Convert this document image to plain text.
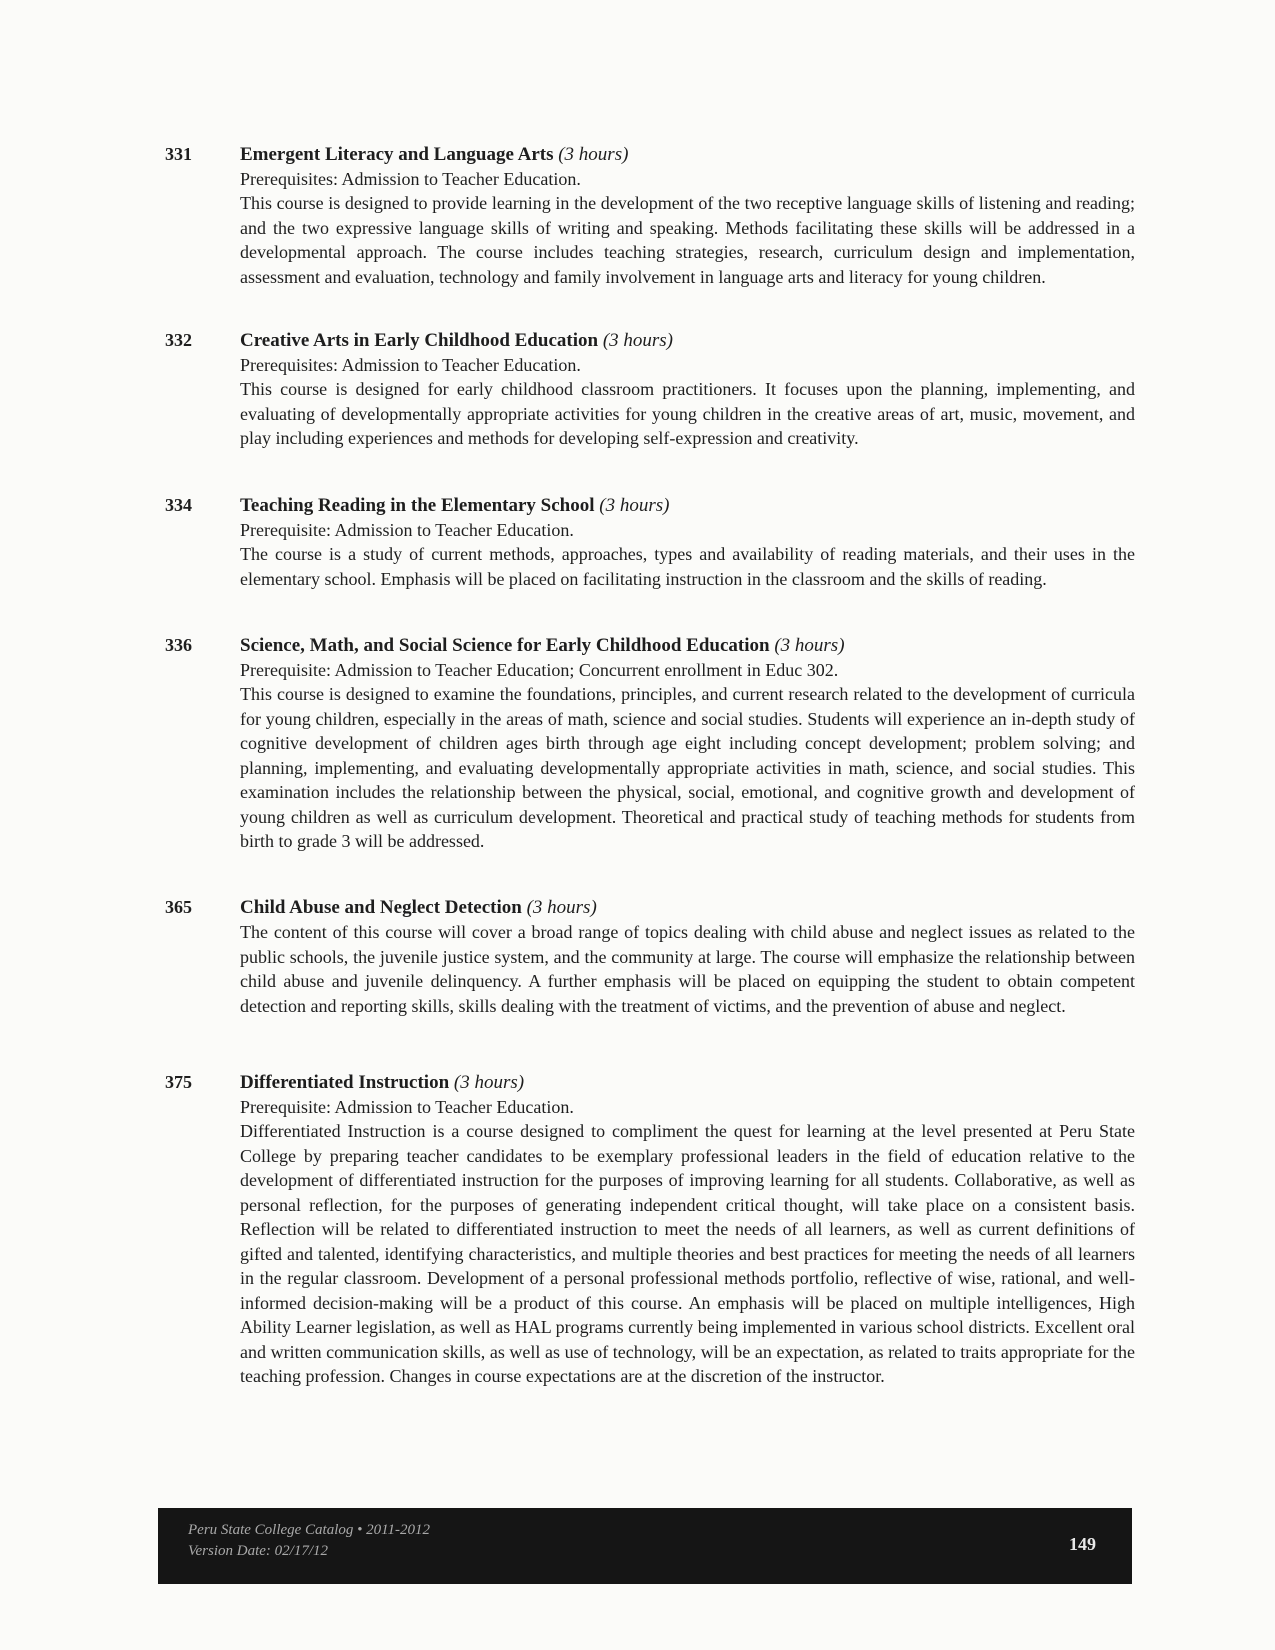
331	Emergent Literacy and Language Arts (3 hours)
Prerequisites: Admission to Teacher Education.
This course is designed to provide learning in the development of the two receptive language skills of listening and reading; and the two expressive language skills of writing and speaking. Methods facilitating these skills will be addressed in a developmental approach. The course includes teaching strategies, research, curriculum design and implementation, assessment and evaluation, technology and family involvement in language arts and literacy for young children.
332	Creative Arts in Early Childhood Education (3 hours)
Prerequisites: Admission to Teacher Education.
This course is designed for early childhood classroom practitioners. It focuses upon the planning, implementing, and evaluating of developmentally appropriate activities for young children in the creative areas of art, music, movement, and play including experiences and methods for developing self-expression and creativity.
334	Teaching Reading in the Elementary School (3 hours)
Prerequisite: Admission to Teacher Education.
The course is a study of current methods, approaches, types and availability of reading materials, and their uses in the elementary school. Emphasis will be placed on facilitating instruction in the classroom and the skills of reading.
336	Science, Math, and Social Science for Early Childhood Education (3 hours)
Prerequisite: Admission to Teacher Education; Concurrent enrollment in Educ 302.
This course is designed to examine the foundations, principles, and current research related to the development of curricula for young children, especially in the areas of math, science and social studies. Students will experience an in-depth study of cognitive development of children ages birth through age eight including concept development; problem solving; and planning, implementing, and evaluating developmentally appropriate activities in math, science, and social studies. This examination includes the relationship between the physical, social, emotional, and cognitive growth and development of young children as well as curriculum development. Theoretical and practical study of teaching methods for students from birth to grade 3 will be addressed.
365	Child Abuse and Neglect Detection (3 hours)
The content of this course will cover a broad range of topics dealing with child abuse and neglect issues as related to the public schools, the juvenile justice system, and the community at large. The course will emphasize the relationship between child abuse and juvenile delinquency. A further emphasis will be placed on equipping the student to obtain competent detection and reporting skills, skills dealing with the treatment of victims, and the prevention of abuse and neglect.
375	Differentiated Instruction (3 hours)
Prerequisite: Admission to Teacher Education.
Differentiated Instruction is a course designed to compliment the quest for learning at the level presented at Peru State College by preparing teacher candidates to be exemplary professional leaders in the field of education relative to the development of differentiated instruction for the purposes of improving learning for all students. Collaborative, as well as personal reflection, for the purposes of generating independent critical thought, will take place on a consistent basis. Reflection will be related to differentiated instruction to meet the needs of all learners, as well as current definitions of gifted and talented, identifying characteristics, and multiple theories and best practices for meeting the needs of all learners in the regular classroom. Development of a personal professional methods portfolio, reflective of wise, rational, and well-informed decision-making will be a product of this course. An emphasis will be placed on multiple intelligences, High Ability Learner legislation, as well as HAL programs currently being implemented in various school districts. Excellent oral and written communication skills, as well as use of technology, will be an expectation, as related to traits appropriate for the teaching profession. Changes in course expectations are at the discretion of the instructor.
Peru State College Catalog • 2011-2012
Version Date: 02/17/12	149
